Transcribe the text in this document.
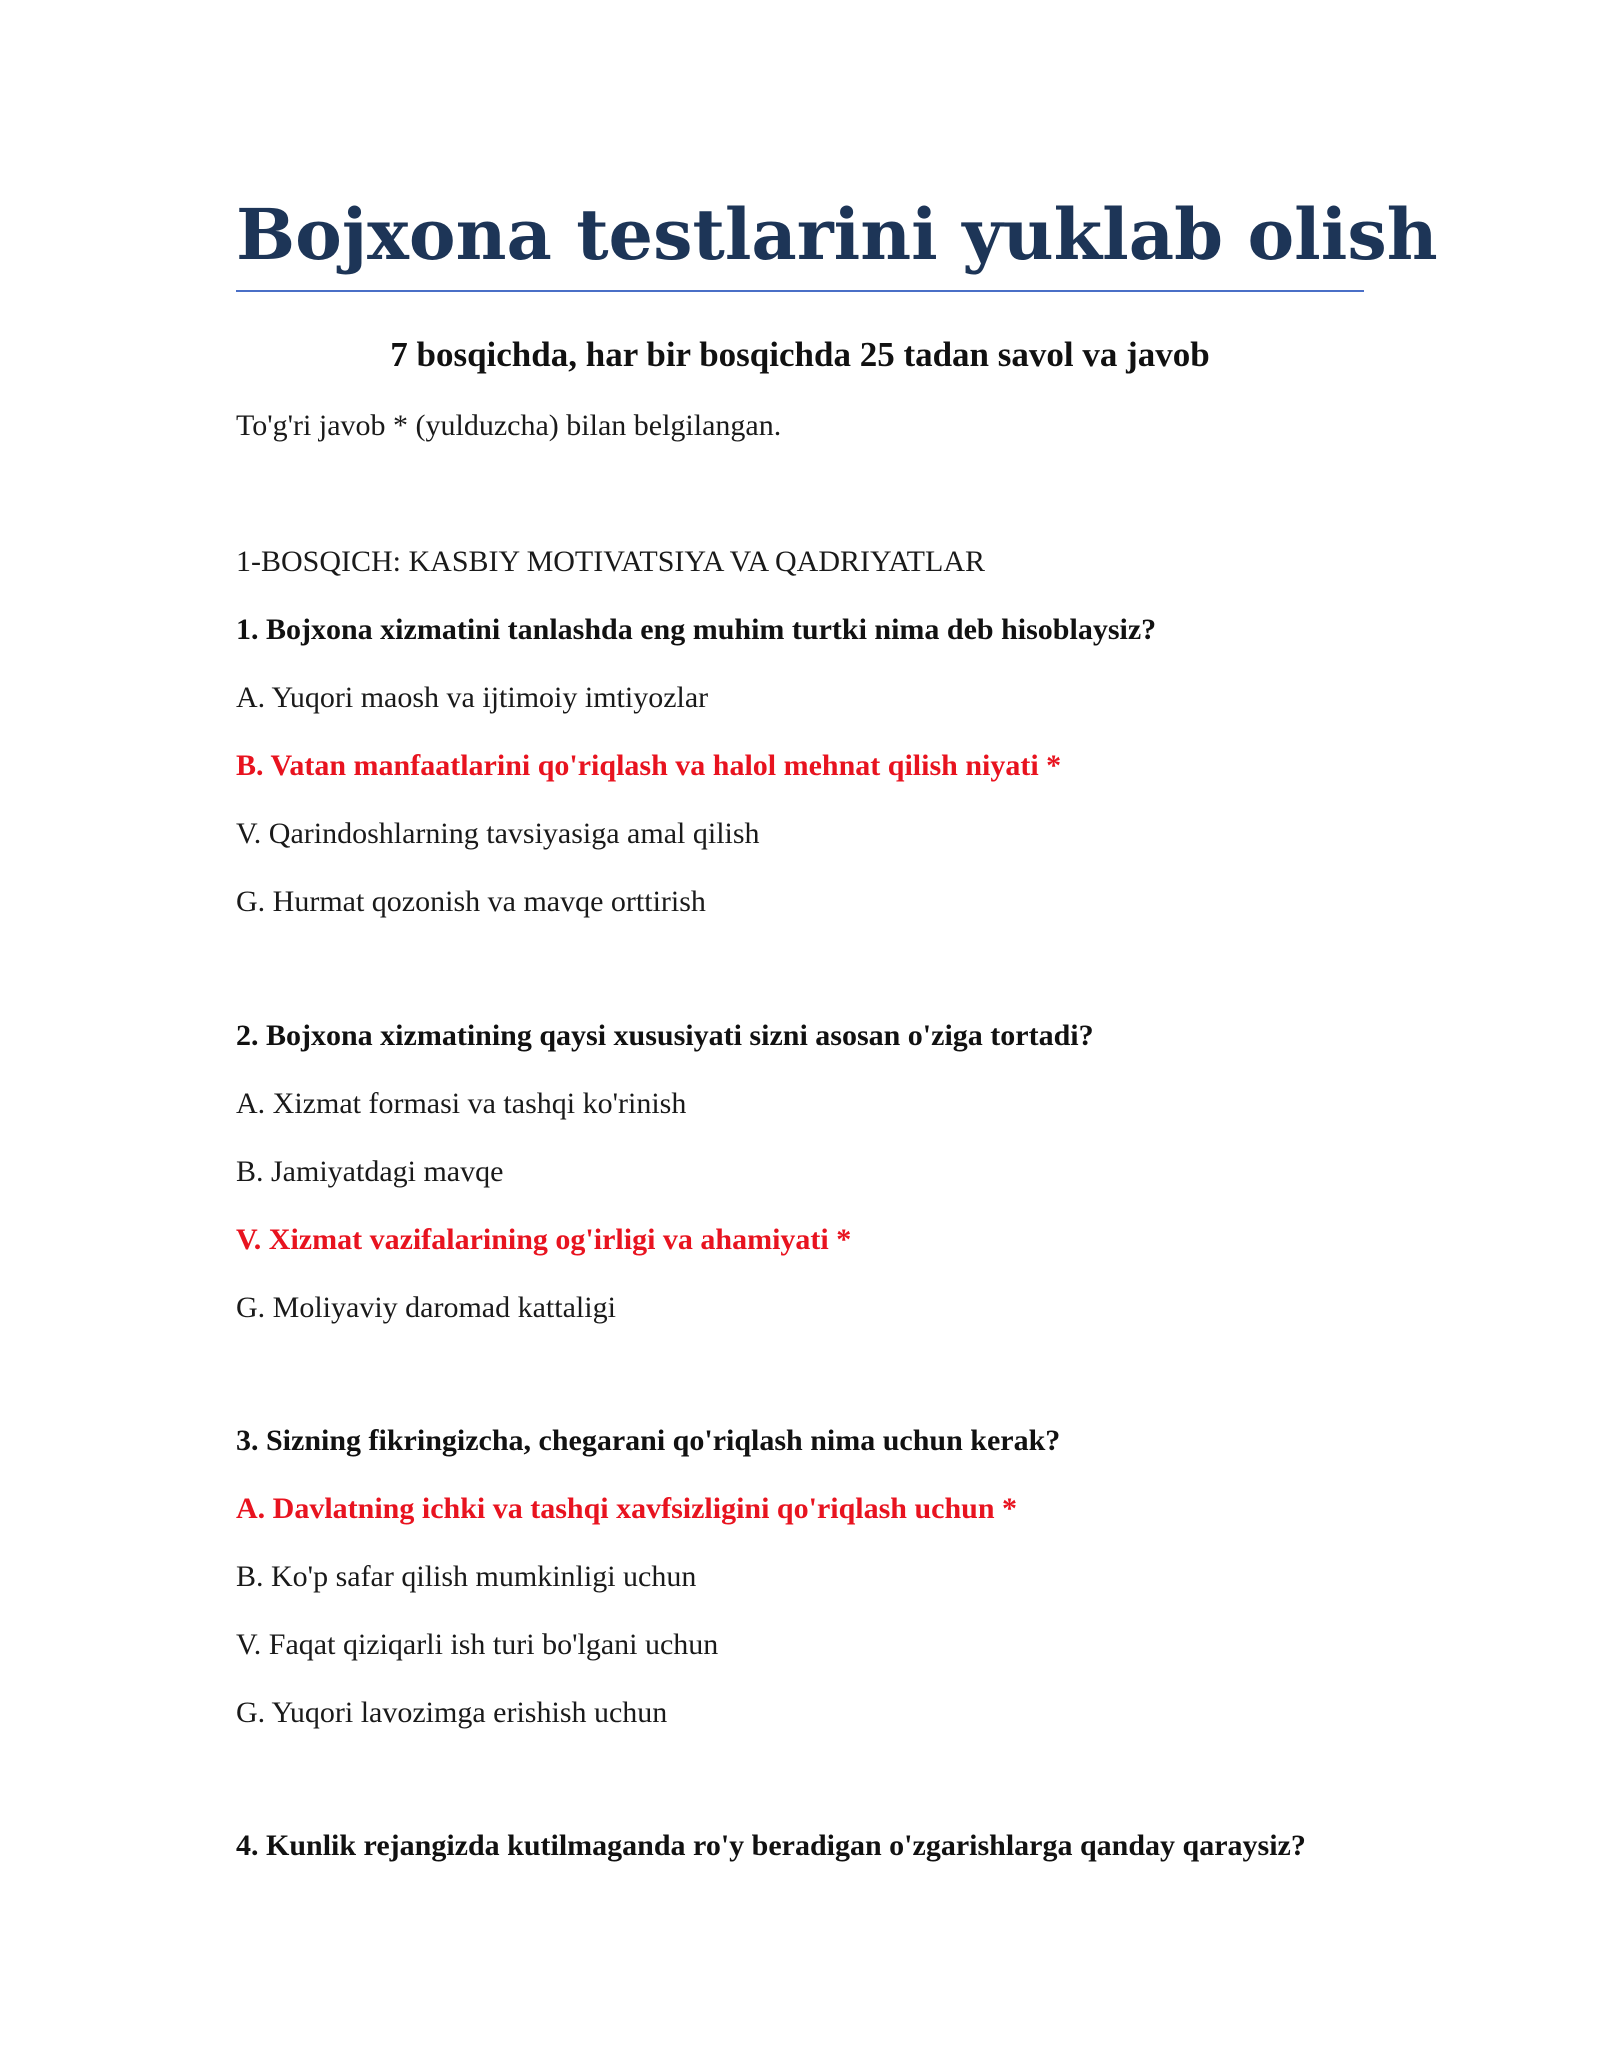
Bojxona testlarini yuklab olish
7 bosqichda, har bir bosqichda 25 tadan savol va javob

To'g'ri javob * (yulduzcha) bilan belgilangan.

1-BOSQICH: KASBIY MOTIVATSIYA VA QADRIYATLAR

1. Bojxona xizmatini tanlashda eng muhim turtki nima deb hisoblaysiz?

A. Yuqori maosh va ijtimoiy imtiyozlar

B. Vatan manfaatlarini qo'riqlash va halol mehnat qilish niyati *

V. Qarindoshlarning tavsiyasiga amal qilish

G. Hurmat qozonish va mavqe orttirish

2. Bojxona xizmatining qaysi xususiyati sizni asosan o'ziga tortadi?

A. Xizmat formasi va tashqi ko'rinish

B. Jamiyatdagi mavqe

V. Xizmat vazifalarining og'irligi va ahamiyati *

G. Moliyaviy daromad kattaligi

3. Sizning fikringizcha, chegarani qo'riqlash nima uchun kerak?

A. Davlatning ichki va tashqi xavfsizligini qo'riqlash uchun *

B. Ko'p safar qilish mumkinligi uchun

V. Faqat qiziqarli ish turi bo'lgani uchun

G. Yuqori lavozimga erishish uchun

4. Kunlik rejangizda kutilmaganda ro'y beradigan o'zgarishlarga qanday qaraysiz?
